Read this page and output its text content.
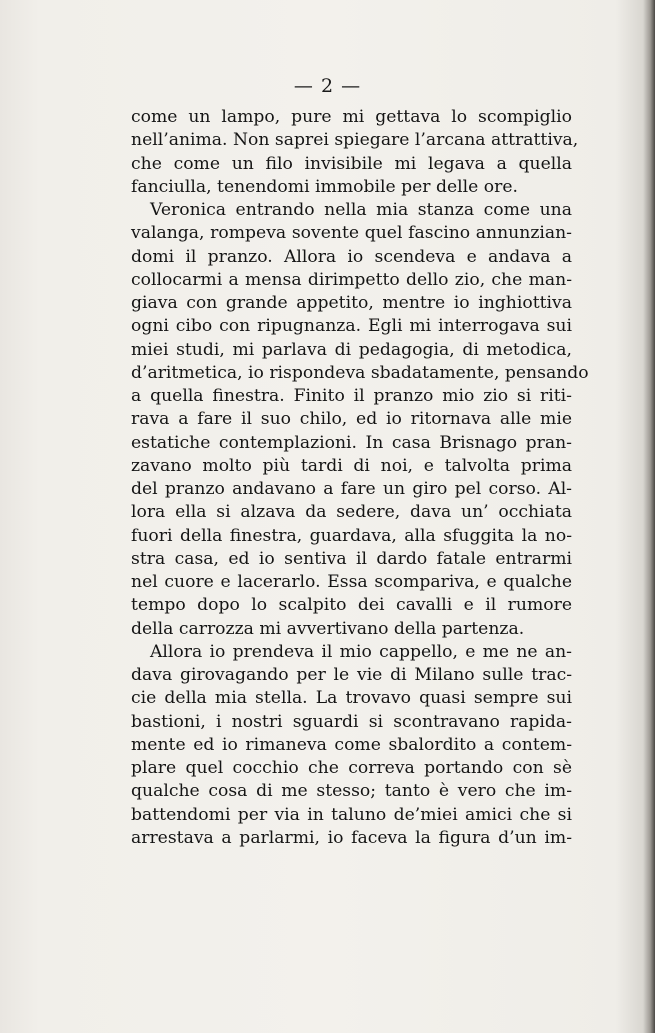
— 2 —
come un lampo, pure mi gettava lo scompiglio
nell’anima. Non saprei spiegare l’arcana attrattiva,
che come un filo invisibile mi legava a quella
fanciulla, tenendomi immobile per delle ore.
Veronica entrando nella mia stanza come una
valanga, rompeva sovente quel fascino annunzian-
domi il pranzo. Allora io scendeva e andava a
collocarmi a mensa dirimpetto dello zio, che man-
giava con grande appetito, mentre io inghiottiva
ogni cibo con ripugnanza. Egli mi interrogava sui
miei studi, mi parlava di pedagogia, di metodica,
d’aritmetica, io rispondeva sbadatamente, pensando
a quella finestra. Finito il pranzo mio zio si riti-
rava a fare il suo chilo, ed io ritornava alle mie
estatiche contemplazioni. In casa Brisnago pran-
zavano molto più tardi di noi, e talvolta prima
del pranzo andavano a fare un giro pel corso. Al-
lora ella si alzava da sedere, dava un’ occhiata
fuori della finestra, guardava, alla sfuggita la no-
stra casa, ed io sentiva il dardo fatale entrarmi
nel cuore e lacerarlo. Essa scompariva, e qualche
tempo dopo lo scalpito dei cavalli e il rumore
della carrozza mi avvertivano della partenza.
Allora io prendeva il mio cappello, e me ne an-
dava girovagando per le vie di Milano sulle trac-
cie della mia stella. La trovavo quasi sempre sui
bastioni, i nostri sguardi si scontravano rapida-
mente ed io rimaneva come sbalordito a contem-
plare quel cocchio che correva portando con sè
qualche cosa di me stesso; tanto è vero che im-
battendomi per via in taluno de’miei amici che si
arrestava a parlarmi, io faceva la figura d’un im-
